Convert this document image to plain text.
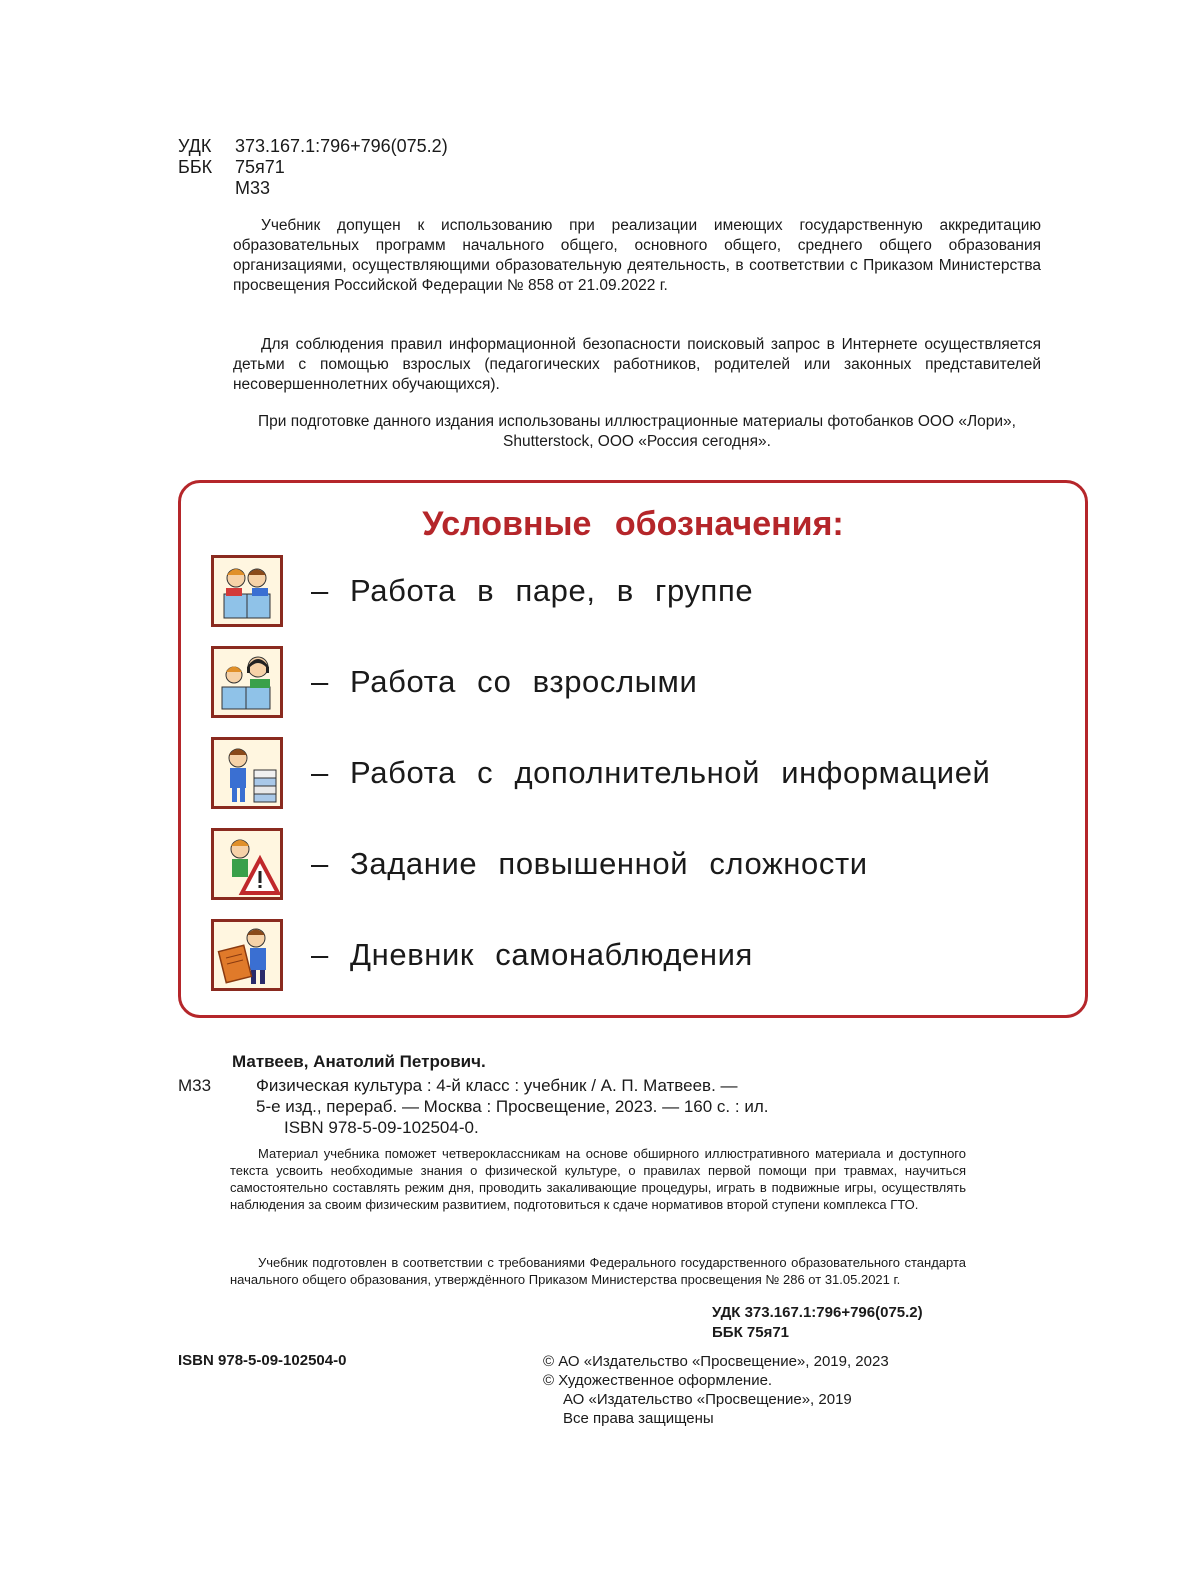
УДК	373.167.1:796+796(075.2)
ББК	75я71
М33
Учебник допущен к использованию при реализации имеющих государственную аккредитацию образовательных программ начального общего, основного общего, среднего общего образования организациями, осуществляющими образовательную деятельность, в соответствии с Приказом Министерства просвещения Российской Федерации № 858 от 21.09.2022 г.
Для соблюдения правил информационной безопасности поисковый запрос в Интернете осуществляется детьми с помощью взрослых (педагогических работников, родителей или законных представителей несовершеннолетних обучающихся).
При подготовке данного издания использованы иллюстрационные материалы фотобанков ООО «Лори», Shutterstock, ООО «Россия сегодня».
Условные обозначения:
– Работа в паре, в группе
– Работа со взрослыми
– Работа с дополнительной информацией
– Задание повышенной сложности
– Дневник самонаблюдения
Матвеев, Анатолий Петрович.
М33	Физическая культура : 4-й класс : учебник / А. П. Матвеев. —
5-е изд., перераб. — Москва : Просвещение, 2023. — 160 с. : ил.
ISBN 978-5-09-102504-0.
Материал учебника поможет четвероклассникам на основе обширного иллюстративного материала и доступного текста усвоить необходимые знания о физической культуре, о правилах первой помощи при травмах, научиться самостоятельно составлять режим дня, проводить закаливающие процедуры, играть в подвижные игры, осуществлять наблюдения за своим физическим развитием, подготовиться к сдаче нормативов второй ступени комплекса ГТО.
Учебник подготовлен в соответствии с требованиями Федерального государственного образовательного стандарта начального общего образования, утверждённого Приказом Министерства просвещения № 286 от 31.05.2021 г.
УДК 373.167.1:796+796(075.2)
ББК 75я71
ISBN 978-5-09-102504-0	© АО «Издательство «Просвещение», 2019, 2023
© Художественное оформление.
АО «Издательство «Просвещение», 2019
Все права защищены
